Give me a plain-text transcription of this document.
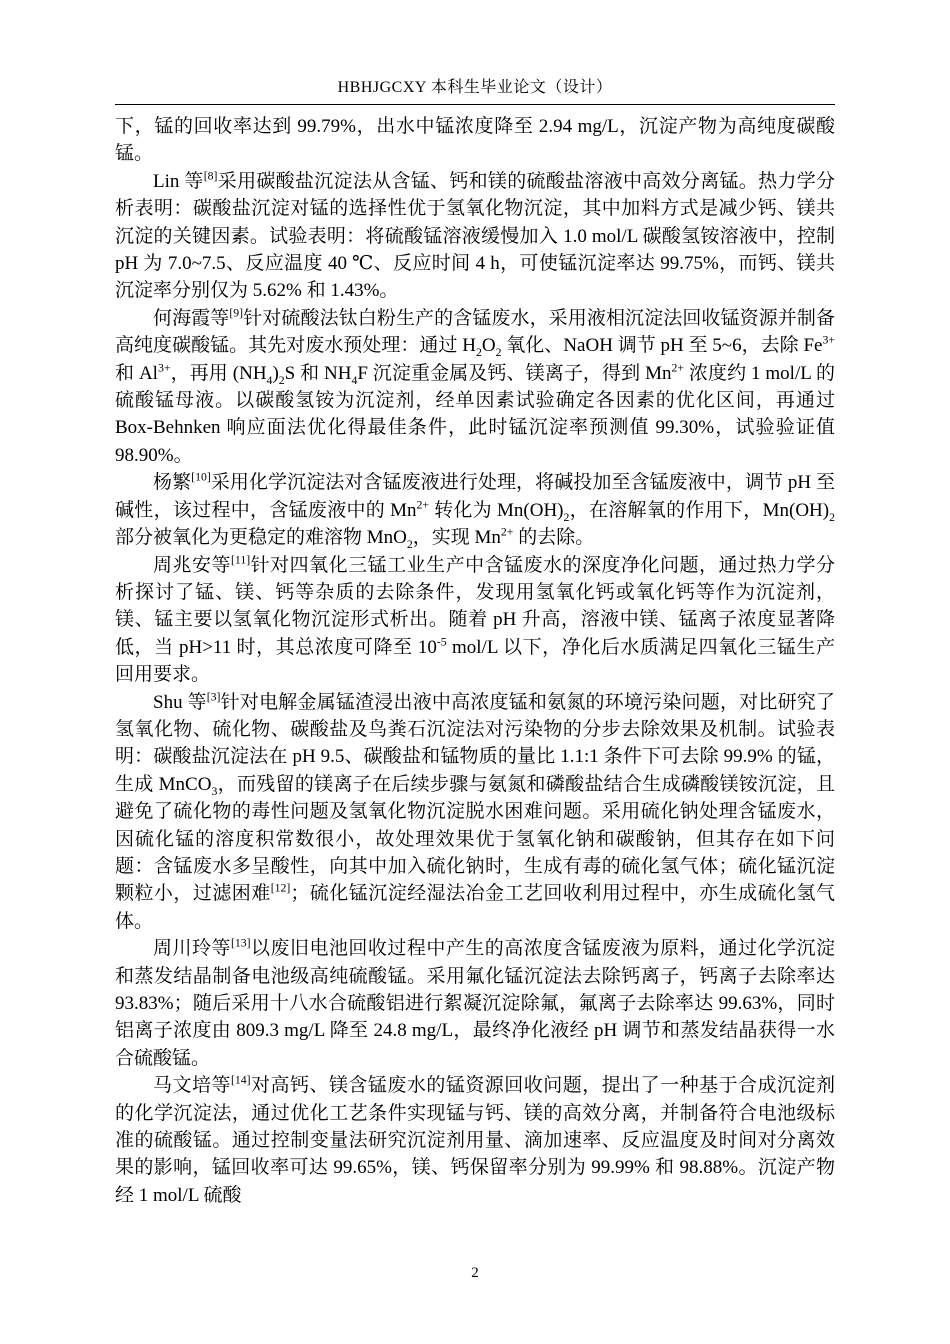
HBHJGCXY 本科生毕业论文（设计）

下，锰的回收率达到 99.79%，出水中锰浓度降至 2.94 mg/L，沉淀产物为高纯度碳酸锰。

Lin 等[8]采用碳酸盐沉淀法从含锰、钙和镁的硫酸盐溶液中高效分离锰。热力学分析表明：碳酸盐沉淀对锰的选择性优于氢氧化物沉淀，其中加料方式是减少钙、镁共沉淀的关键因素。试验表明：将硫酸锰溶液缓慢加入 1.0 mol/L 碳酸氢铵溶液中，控制 pH 为 7.0~7.5、反应温度 40 ℃、反应时间 4 h，可使锰沉淀率达 99.75%，而钙、镁共沉淀率分别仅为 5.62% 和 1.43%。

何海霞等[9]针对硫酸法钛白粉生产的含锰废水，采用液相沉淀法回收锰资源并制备高纯度碳酸锰。其先对废水预处理：通过 $H_2O_2$ 氧化、NaOH 调节 pH 至 5~6，去除 $Fe^{3+}$ 和 $Al^{3+}$，再用 $(NH_4)_2S$ 和 $NH_4F$ 沉淀重金属及钙、镁离子，得到 $Mn^{2+}$ 浓度约 1 mol/L 的硫酸锰母液。以碳酸氢铵为沉淀剂，经单因素试验确定各因素的优化区间，再通过 Box-Behnken 响应面法优化得最佳条件，此时锰沉淀率预测值 99.30%，试验验证值 98.90%。

杨繁[10]采用化学沉淀法对含锰废液进行处理，将碱投加至含锰废液中，调节 pH 至碱性，该过程中，含锰废液中的 $Mn^{2+}$ 转化为 $Mn(OH)_2$，在溶解氧的作用下，$Mn(OH)_2$ 部分被氧化为更稳定的难溶物 MnO$_2$，实现 $Mn^{2+}$ 的去除。

周兆安等[11]针对四氧化三锰工业生产中含锰废水的深度净化问题，通过热力学分析探讨了锰、镁、钙等杂质的去除条件，发现用氢氧化钙或氧化钙等作为沉淀剂，镁、锰主要以氢氧化物沉淀形式析出。随着 pH 升高，溶液中镁、锰离子浓度显著降低，当 pH>11 时，其总浓度可降至 $10^{-5}$ mol/L 以下，净化后水质满足四氧化三锰生产回用要求。

Shu 等[3]针对电解金属锰渣浸出液中高浓度锰和氨氮的环境污染问题，对比研究了氢氧化物、硫化物、碳酸盐及鸟粪石沉淀法对污染物的分步去除效果及机制。试验表明：碳酸盐沉淀法在 pH 9.5、碳酸盐和锰物质的量比 1.1:1 条件下可去除 99.9% 的锰，生成 MnCO$_3$，而残留的镁离子在后续步骤与氨氮和磷酸盐结合生成磷酸镁铵沉淀，且避免了硫化物的毒性问题及氢氧化物沉淀脱水困难问题。采用硫化钠处理含锰废水，因硫化锰的溶度积常数很小，故处理效果优于氢氧化钠和碳酸钠，但其存在如下问题：含锰废水多呈酸性，向其中加入硫化钠时，生成有毒的硫化氢气体；硫化锰沉淀颗粒小，过滤困难[12]；硫化锰沉淀经湿法冶金工艺回收利用过程中，亦生成硫化氢气体。

周川玲等[13]以废旧电池回收过程中产生的高浓度含锰废液为原料，通过化学沉淀和蒸发结晶制备电池级高纯硫酸锰。采用氟化锰沉淀法去除钙离子，钙离子去除率达 93.83%；随后采用十八水合硫酸铝进行絮凝沉淀除氟，氟离子去除率达 99.63%，同时铝离子浓度由 809.3 mg/L 降至 24.8 mg/L，最终净化液经 pH 调节和蒸发结晶获得一水合硫酸锰。

马文培等[14]对高钙、镁含锰废水的锰资源回收问题，提出了一种基于合成沉淀剂的化学沉淀法，通过优化工艺条件实现锰与钙、镁的高效分离，并制备符合电池级标准的硫酸锰。通过控制变量法研究沉淀剂用量、滴加速率、反应温度及时间对分离效果的影响，锰回收率可达 99.65%，镁、钙保留率分别为 99.99% 和 98.88%。沉淀产物经 1 mol/L 硫酸

2
